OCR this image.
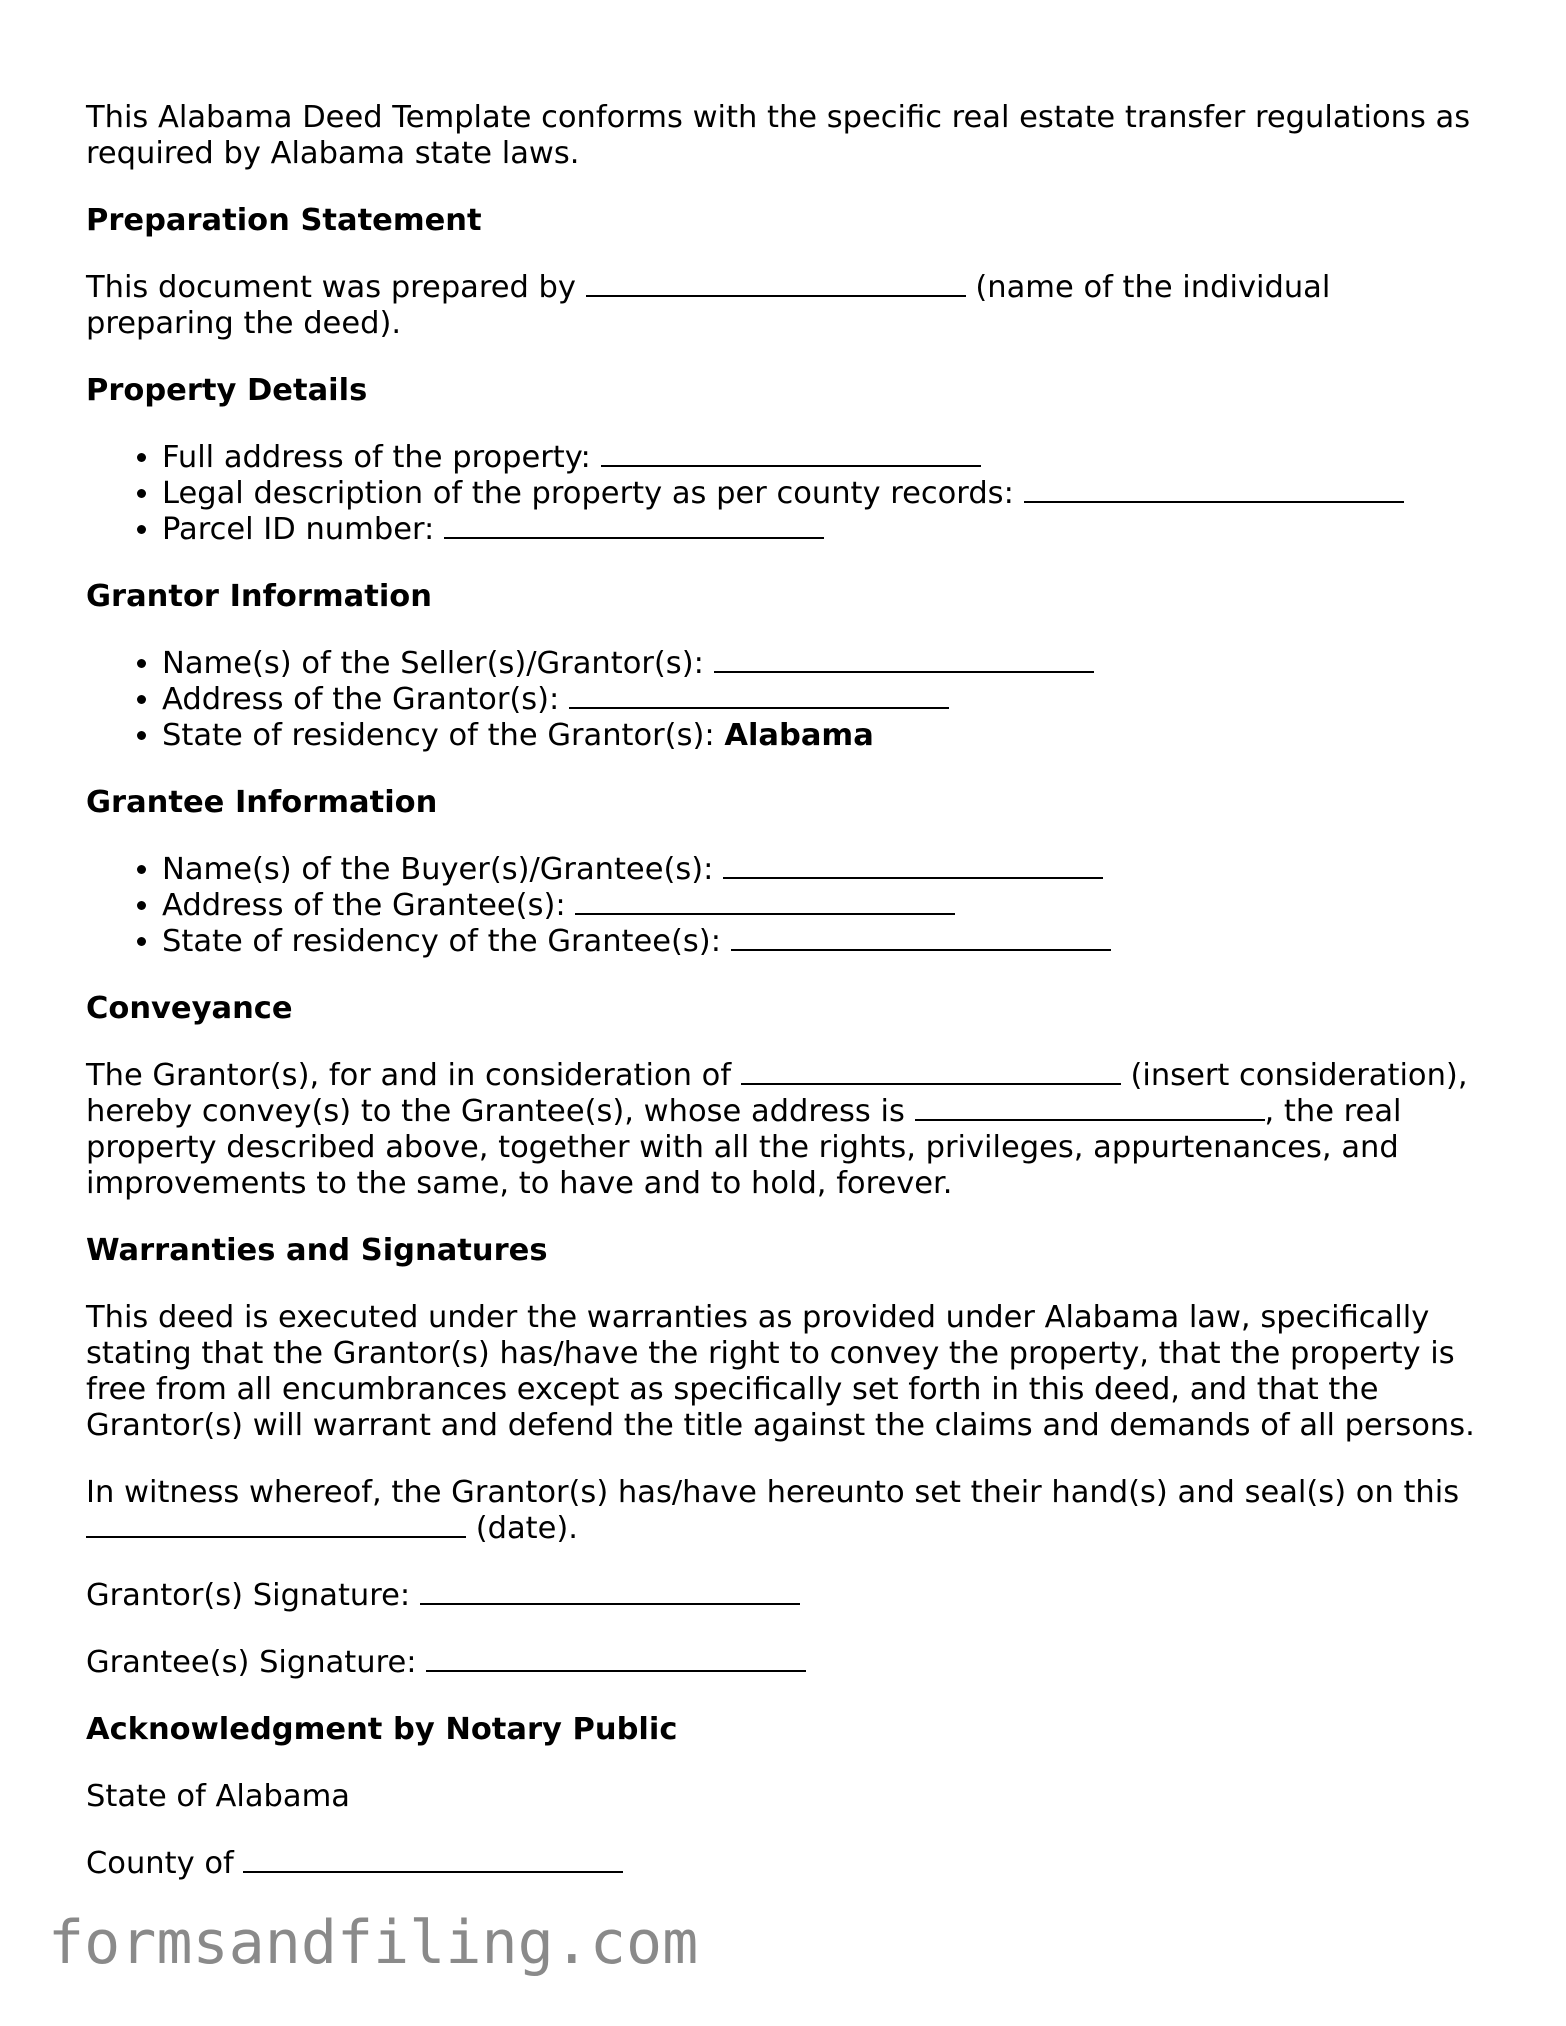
This Alabama Deed Template conforms with the specific real estate transfer regulations as required by Alabama state laws.

Preparation Statement

This document was prepared by	(name of the individual preparing the deed).

Property Details
• Full address of the property:
• Legal description of the property as per county records:
• Parcel ID number:
Grantor Information
• Name(s) of the Seller(s)/Grantor(s):
• Address of the Grantor(s):
• State of residency of the Grantor(s): Alabama
Grantee Information
• Name(s) of the Buyer(s)/Grantee(s):
• Address of the Grantee(s):
• State of residency of the Grantee(s):
Conveyance

The Grantor(s), for and in consideration of	(insert consideration), hereby convey(s) to the Grantee(s), whose address is	, the real property described above, together with all the rights, privileges, appurtenances, and improvements to the same, to have and to hold, forever.

Warranties and Signatures

This deed is executed under the warranties as provided under Alabama law, specifically stating that the Grantor(s) has/have the right to convey the property, that the property is free from all encumbrances except as specifically set forth in this deed, and that the Grantor(s) will warrant and defend the title against the claims and demands of all persons.

In witness whereof, the Grantor(s) has/have hereunto set their hand(s) and seal(s) on this  (date).

Grantor(s) Signature:

Grantee(s) Signature:

Acknowledgment by Notary Public

State of Alabama

County of

formsandfiling.com
